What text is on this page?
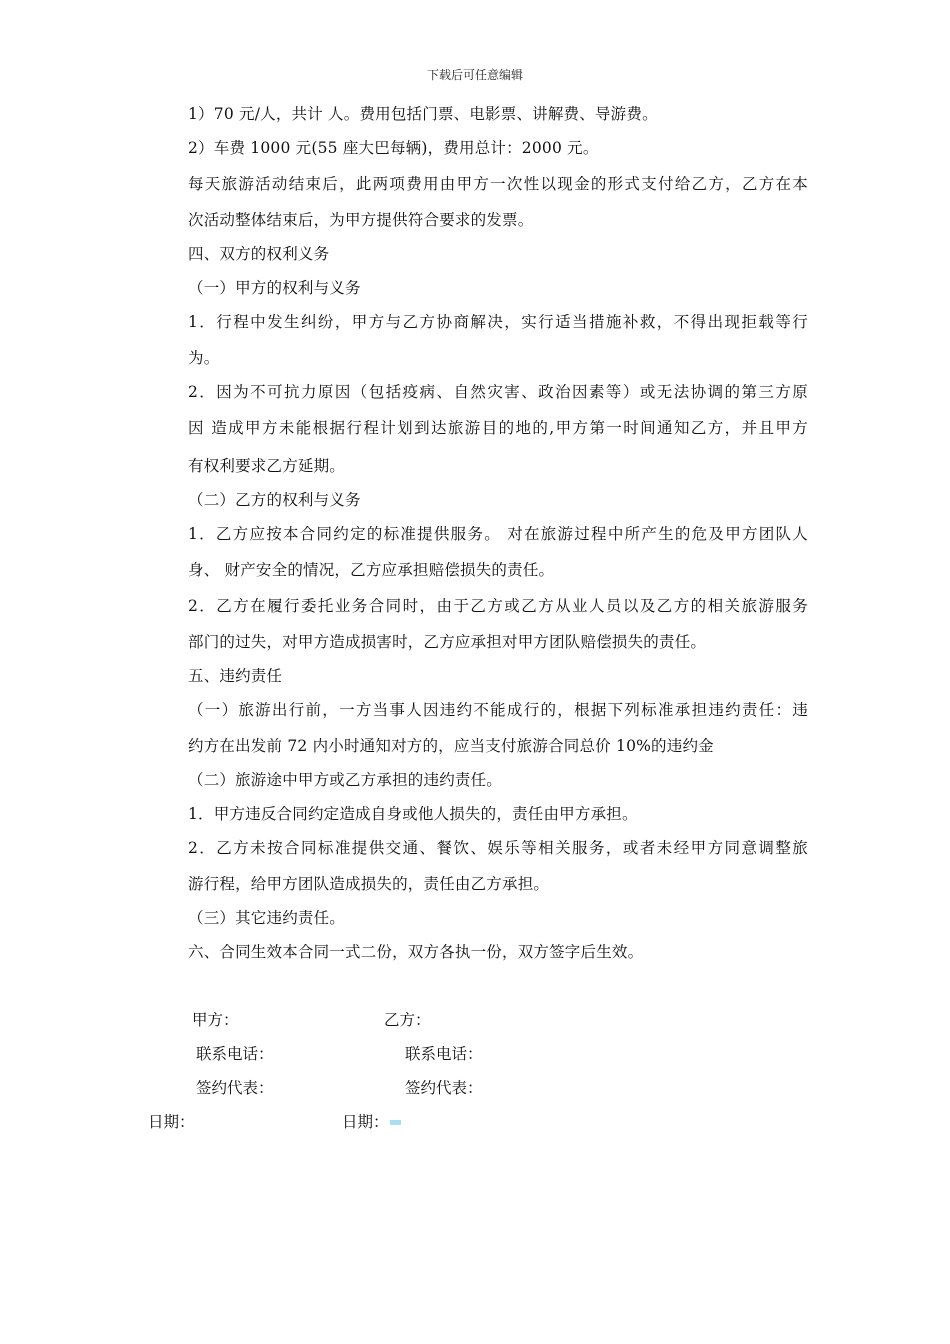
下载后可任意编辑
1）70 元/人，共计 人。费用包括门票、电影票、讲解费、导游费。
2）车费 1000 元(55 座大巴每辆)，费用总计：2000 元。
每天旅游活动结束后，此两项费用由甲方一次性以现金的形式支付给乙方，乙方在本
次活动整体结束后，为甲方提供符合要求的发票。
四、双方的权利义务
（一）甲方的权利与义务
1．行程中发生纠纷，甲方与乙方协商解决，实行适当措施补救，不得出现拒载等行
为。
2．因为不可抗力原因（包括疫病、自然灾害、政治因素等）或无法协调的第三方原
因 造成甲方未能根据行程计划到达旅游目的地的,甲方第一时间通知乙方，并且甲方
有权利要求乙方延期。
（二）乙方的权利与义务
1．乙方应按本合同约定的标准提供服务。 对在旅游过程中所产生的危及甲方团队人
身、 财产安全的情况，乙方应承担赔偿损失的责任。
2．乙方在履行委托业务合同时，由于乙方或乙方从业人员以及乙方的相关旅游服务
部门的过失，对甲方造成损害时，乙方应承担对甲方团队赔偿损失的责任。
五、违约责任
（一）旅游出行前，一方当事人因违约不能成行的，根据下列标准承担违约责任：违
约方在出发前 72 内小时通知对方的，应当支付旅游合同总价 10%的违约金
（二）旅游途中甲方或乙方承担的违约责任。
1．甲方违反合同约定造成自身或他人损失的，责任由甲方承担。
2．乙方未按合同标准提供交通、餐饮、娱乐等相关服务，或者未经甲方同意调整旅
游行程，给甲方团队造成损失的，责任由乙方承担。
（三）其它违约责任。
六、合同生效本合同一式二份，双方各执一份，双方签字后生效。
甲方：	乙方：
联系电话：	联系电话：
签约代表：	签约代表：
日期：	日期：
